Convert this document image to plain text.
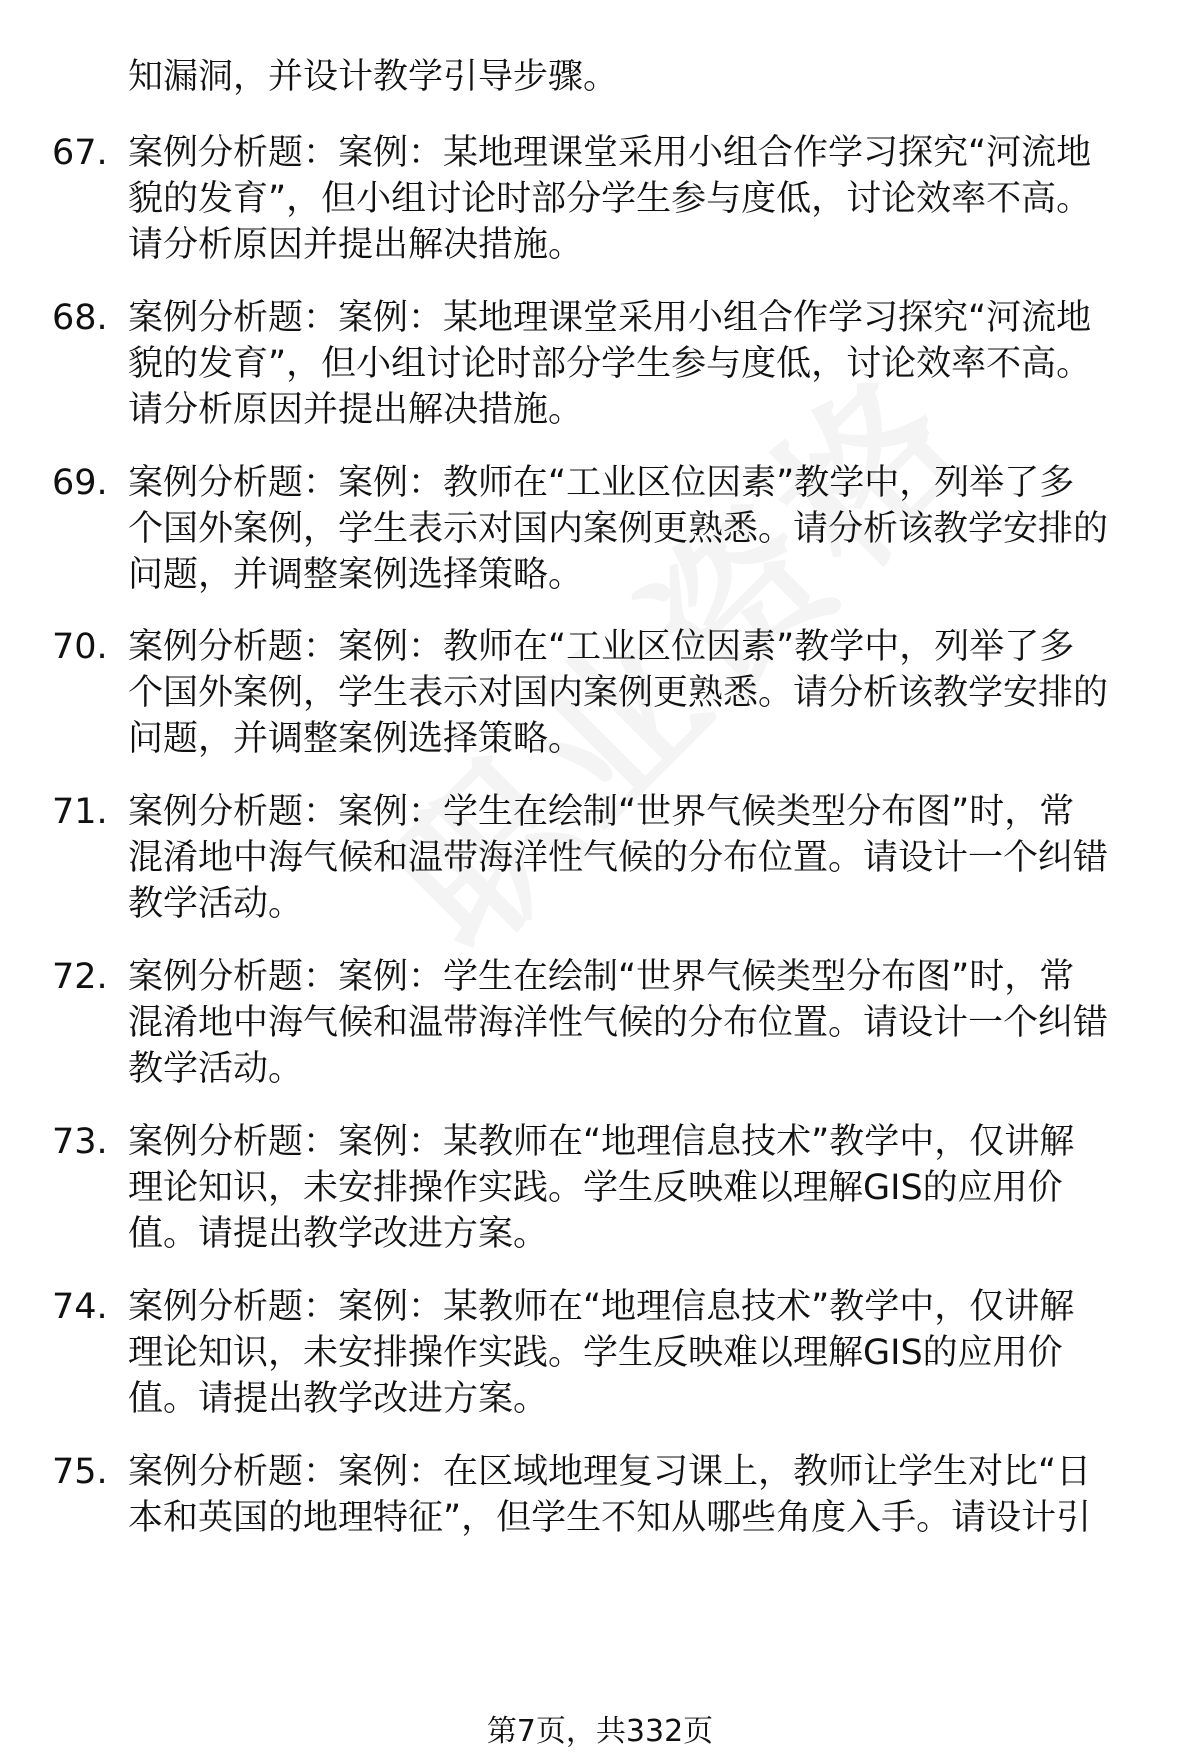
知漏洞，并设计教学引导步骤。
67. 案例分析题：案例：某地理课堂采用小组合作学习探究“河流地
貌的发育”，但小组讨论时部分学生参与度低，讨论效率不高。
请分析原因并提出解决措施。
68. 案例分析题：案例：某地理课堂采用小组合作学习探究“河流地
貌的发育”，但小组讨论时部分学生参与度低，讨论效率不高。
请分析原因并提出解决措施。
69. 案例分析题：案例：教师在“工业区位因素”教学中，列举了多
个国外案例，学生表示对国内案例更熟悉。请分析该教学安排的
问题，并调整案例选择策略。
70. 案例分析题：案例：教师在“工业区位因素”教学中，列举了多
个国外案例，学生表示对国内案例更熟悉。请分析该教学安排的
问题，并调整案例选择策略。
71. 案例分析题：案例：学生在绘制“世界气候类型分布图”时，常
混淆地中海气候和温带海洋性气候的分布位置。请设计一个纠错
教学活动。
72. 案例分析题：案例：学生在绘制“世界气候类型分布图”时，常
混淆地中海气候和温带海洋性气候的分布位置。请设计一个纠错
教学活动。
73. 案例分析题：案例：某教师在“地理信息技术”教学中，仅讲解
理论知识，未安排操作实践。学生反映难以理解GIS的应用价
值。请提出教学改进方案。
74. 案例分析题：案例：某教师在“地理信息技术”教学中，仅讲解
理论知识，未安排操作实践。学生反映难以理解GIS的应用价
值。请提出教学改进方案。
75. 案例分析题：案例：在区域地理复习课上，教师让学生对比“日
本和英国的地理特征”，但学生不知从哪些角度入手。请设计引
第7页，共332页
